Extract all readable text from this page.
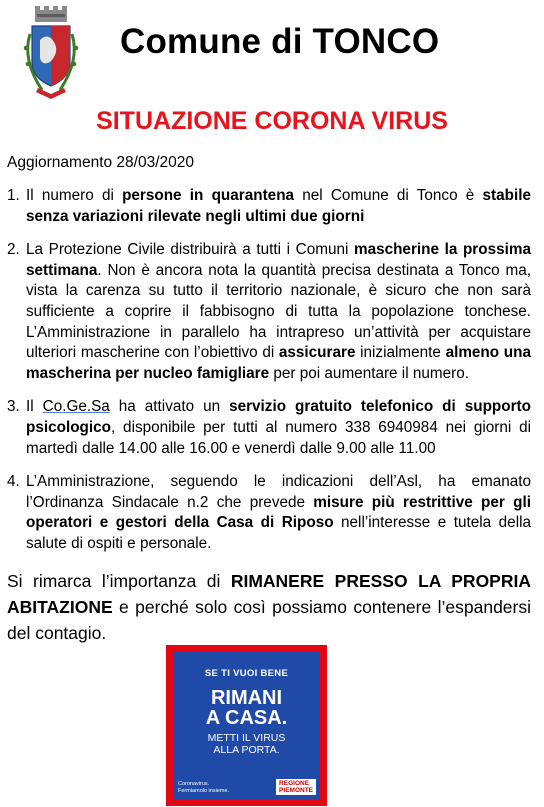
Comune di TONCO
SITUAZIONE CORONA VIRUS
Aggiornamento 28/03/2020
1. Il numero di persone in quarantena nel Comune di Tonco è stabile senza variazioni rilevate negli ultimi due giorni
2. La Protezione Civile distribuirà a tutti i Comuni mascherine la prossima settimana. Non è ancora nota la quantità precisa destinata a Tonco ma, vista la carenza su tutto il territorio nazionale, è sicuro che non sarà sufficiente a coprire il fabbisogno di tutta la popolazione tonchese. L’Amministrazione in parallelo ha intrapreso un’attività per acquistare ulteriori mascherine con l’obiettivo di assicurare inizialmente almeno una mascherina per nucleo famigliare per poi aumentare il numero.
3. Il Co.Ge.Sa ha attivato un servizio gratuito telefonico di supporto psicologico, disponibile per tutti al numero 338 6940984 nei giorni di martedì dalle 14.00 alle 16.00 e venerdì dalle 9.00 alle 11.00
4. L’Amministrazione, seguendo le indicazioni dell’Asl, ha emanato l’Ordinanza Sindacale n.2 che prevede misure più restrittive per gli operatori e gestori della Casa di Riposo nell’interesse e tutela della salute di ospiti e personale.
Si rimarca l’importanza di RIMANERE PRESSO LA PROPRIA ABITAZIONE e perché solo così possiamo contenere l’espandersi del contagio.
SE TI VUOI BENE
RIMANI
A CASA.
METTI IL VIRUS
ALLA PORTA.
Coronavirus.
Fermiamolo insieme.
REGIONE
PIEMONTE
